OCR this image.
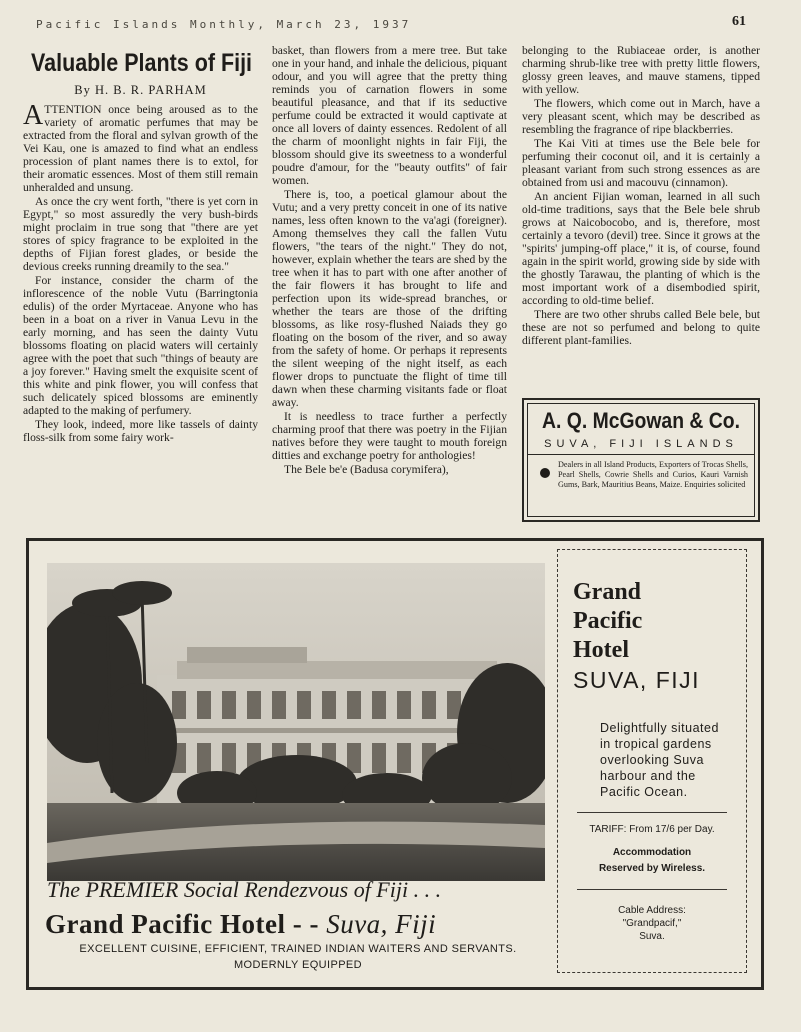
Pacific Islands Monthly, March 23, 1937	61
Valuable Plants of Fiji
By H. B. R. PARHAM

ATTENTION once being aroused as to the variety of aromatic perfumes that may be extracted from the floral and sylvan growth of the Vei Kau, one is amazed to find what an endless procession of plant names there is to extol, for their aromatic essences. Most of them still remain unheralded and unsung.

As once the cry went forth, "there is yet corn in Egypt," so most assuredly the very bush-birds might proclaim in true song that "there are yet stores of spicy fragrance to be exploited in the depths of Fijian forest glades, or beside the devious creeks running dreamily to the sea."

For instance, consider the charm of the inflorescence of the noble Vutu (Barringtonia edulis) of the order Myrtaceae. Anyone who has been in a boat on a river in Vanua Levu in the early morning, and has seen the dainty Vutu blossoms floating on placid waters will certainly agree with the poet that such "things of beauty are a joy forever." Having smelt the exquisite scent of this white and pink flower, you will confess that such delicately spiced blossoms are eminently adapted to the making of perfumery.

They look, indeed, more like tassels of dainty floss-silk from some fairy work-

basket, than flowers from a mere tree. But take one in your hand, and inhale the delicious, piquant odour, and you will agree that the pretty thing reminds you of carnation flowers in some beautiful pleasance, and that if its seductive perfume could be extracted it would captivate at once all lovers of dainty essences. Redolent of all the charm of moonlight nights in fair Fiji, the blossom should give its sweetness to a wonderful poudre d'amour, for the "beauty outfits" of fair women.

There is, too, a poetical glamour about the Vutu; and a very pretty conceit in one of its native names, less often known to the va'agi (foreigner). Among themselves they call the fallen Vutu flowers, "the tears of the night." They do not, however, explain whether the tears are shed by the tree when it has to part with one after another of the fair flowers it has brought to life and perfection upon its wide-spread branches, or whether the tears are those of the drifting blossoms, as like rosy-flushed Naiads they go floating on the bosom of the river, and so away from the safety of home. Or perhaps it represents the silent weeping of the night itself, as each flower drops to punctuate the flight of time till dawn when these charming visitants fade or float away.

It is needless to trace further a perfectly charming proof that there was poetry in the Fijian natives before they were taught to mouth foreign ditties and exchange poetry for anthologies!

The Bele be'e (Badusa corymifera),

belonging to the Rubiaceae order, is another charming shrub-like tree with pretty little flowers, glossy green leaves, and mauve stamens, tipped with yellow.

The flowers, which come out in March, have a very pleasant scent, which may be described as resembling the fragrance of ripe blackberries.

The Kai Viti at times use the Bele bele for perfuming their coconut oil, and it is certainly a pleasant variant from such strong essences as are obtained from usi and macouvu (cinnamon).

An ancient Fijian woman, learned in all such old-time traditions, says that the Bele bele shrub grows at Naicobocobo, and is, therefore, most certainly a tevoro (devil) tree. Since it grows at the "spirits' jumping-off place," it is, of course, found again in the spirit world, growing side by side with the ghostly Tarawau, the planting of which is the most important work of a disembodied spirit, according to old-time belief.

There are two other shrubs called Bele bele, but these are not so perfumed and belong to quite different plant-families.

A. Q. McGowan & Co.
SUVA, FIJI ISLANDS
Dealers in all Island Products, Exporters of Trocas Shells, Pearl Shells, Cowrie Shells and Curios, Kauri Varnish Gums, Bark, Mauritius Beans, Maize. Enquiries solicited
The PREMIER Social Rendezvous of Fiji . . .
Grand Pacific Hotel - - Suva, Fiji
EXCELLENT CUISINE, EFFICIENT, TRAINED INDIAN WAITERS AND SERVANTS.
MODERNLY EQUIPPED
Grand
Pacific
Hotel
SUVA, FIJI
Delightfully situated in tropical gardens overlooking Suva harbour and the Pacific Ocean.
TARIFF: From 17/6 per Day.
Accommodation Reserved by Wireless.
Cable Address:
"Grandpacif,"
Suva.
